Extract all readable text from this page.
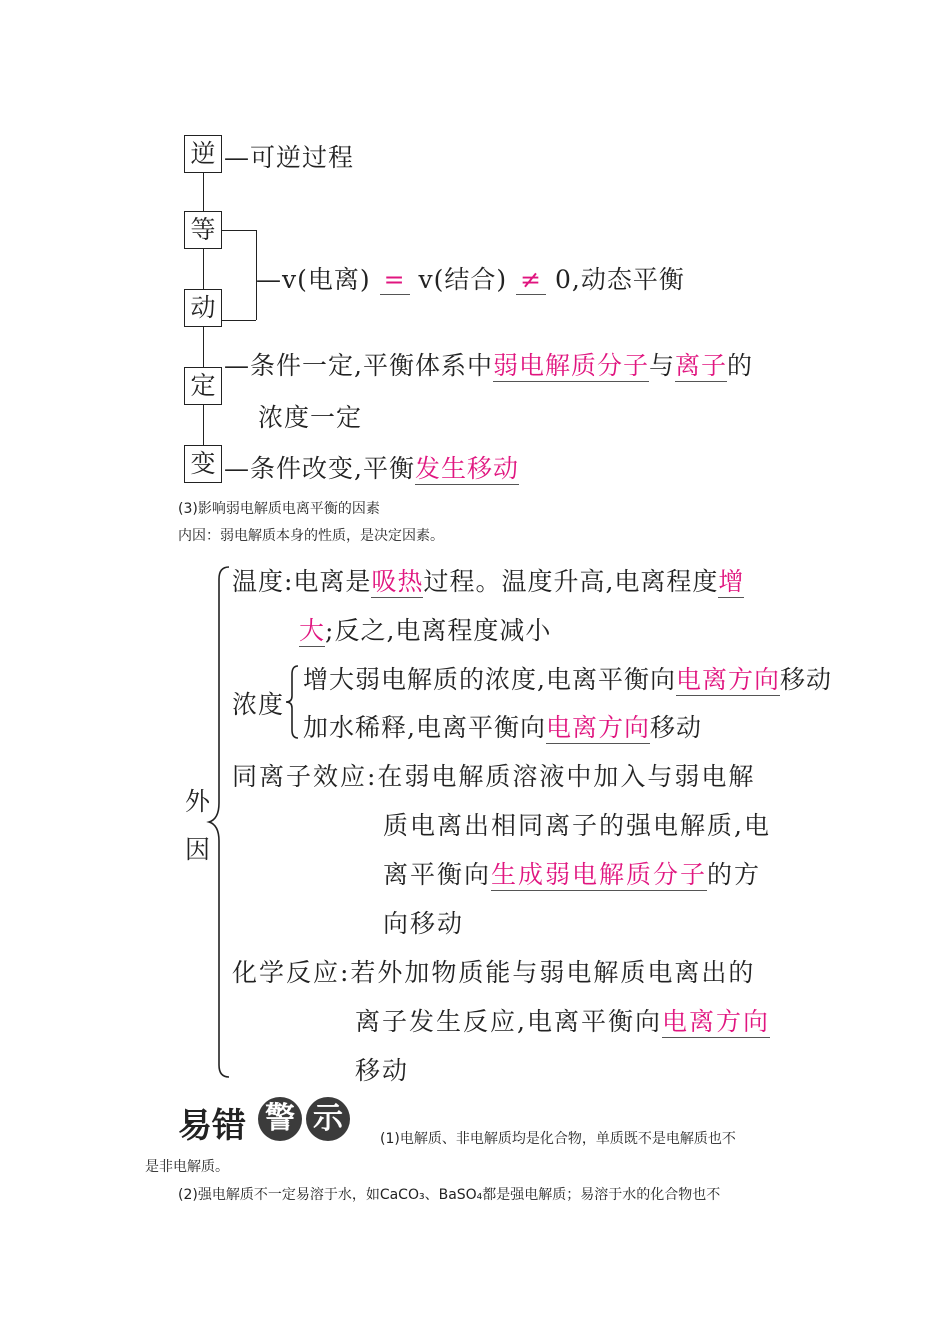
逆 —可逆过程
等
动
—v(电离) = v(结合) ≠ 0,动态平衡
定
—条件一定,平衡体系中弱电解质分子与离子的
浓度一定
变 —条件改变,平衡发生移动
(3)影响弱电解质电离平衡的因素
内因：弱电解质本身的性质，是决定因素。
外
因
温度:电离是吸热过程。温度升高,电离程度增
大;反之,电离程度减小
浓度
增大弱电解质的浓度,电离平衡向电离方向移动
加水稀释,电离平衡向电离方向移动
同离子效应:在弱电解质溶液中加入与弱电解
质电离出相同离子的强电解质,电
离平衡向生成弱电解质分子的方
向移动
化学反应:若外加物质能与弱电解质电离出的
离子发生反应,电离平衡向电离方向
移动
易错 警 示
(1)电解质、非电解质均是化合物，单质既不是电解质也不
是非电解质。
(2)强电解质不一定易溶于水，如CaCO₃、BaSO₄都是强电解质；易溶于水的化合物也不
